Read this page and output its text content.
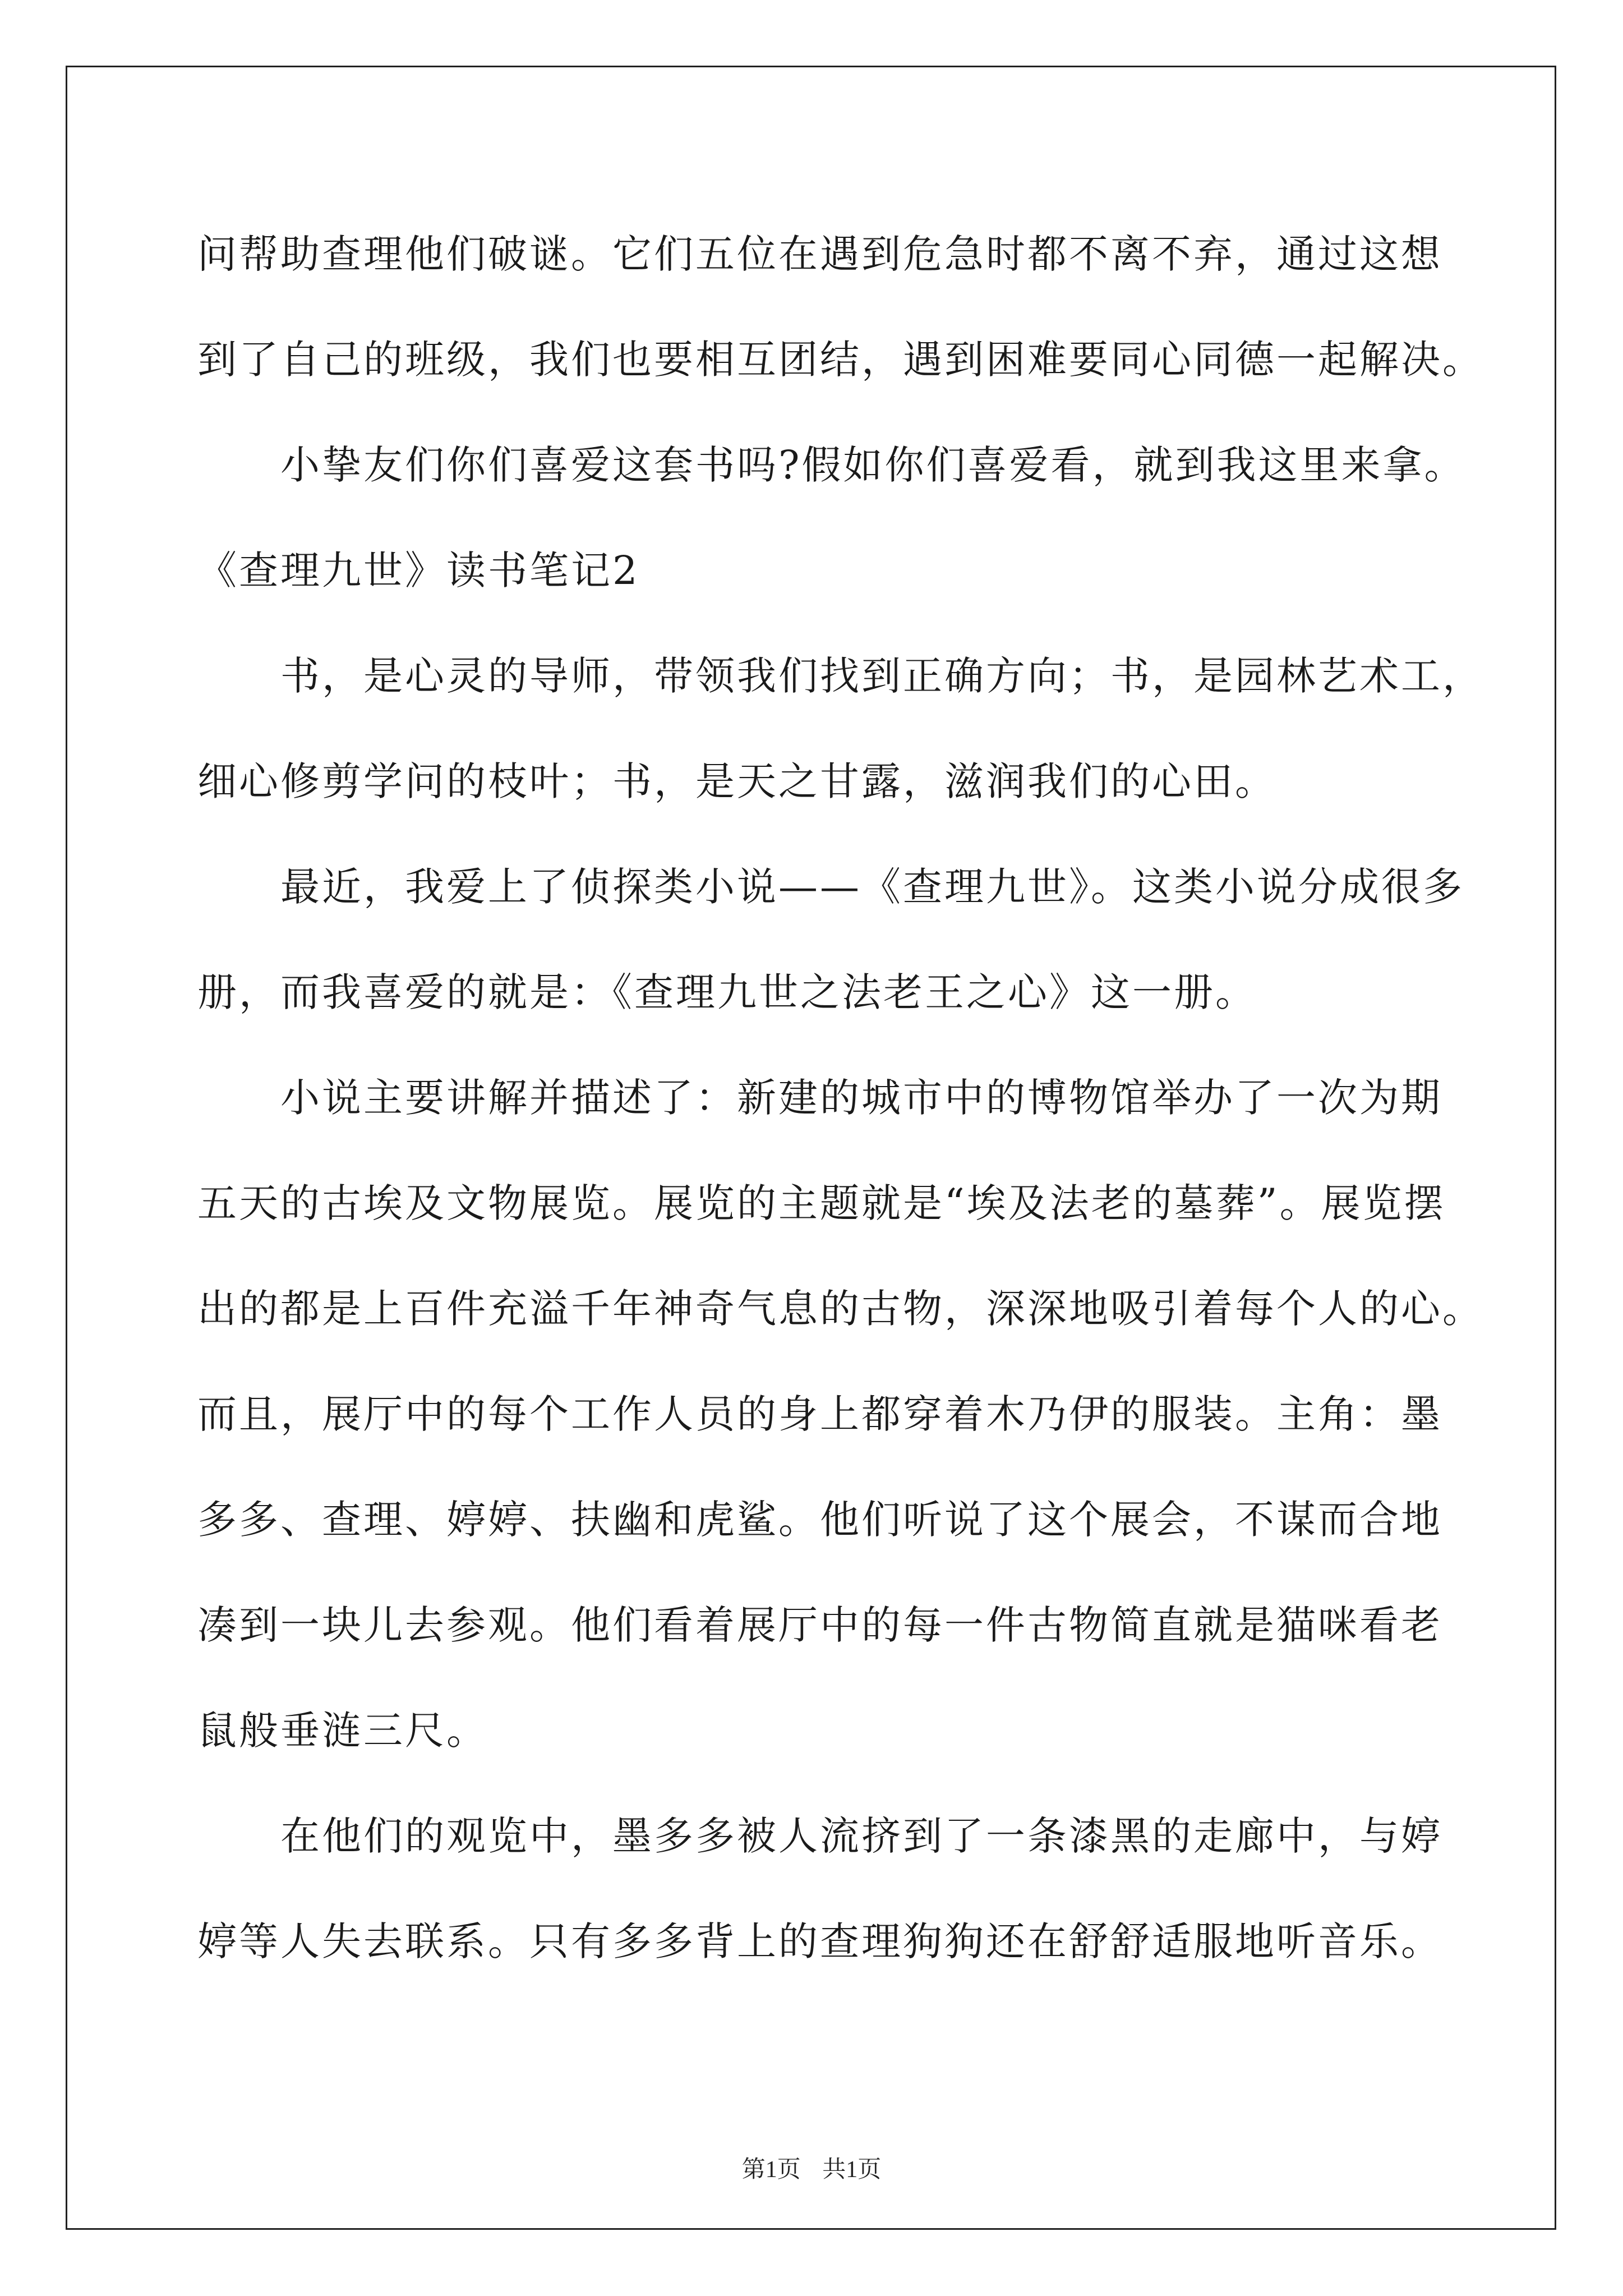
问帮助查理他们破谜。它们五位在遇到危急时都不离不弃，通过这想
到了自己的班级，我们也要相互团结，遇到困难要同心同德一起解决。
小挚友们你们喜爱这套书吗?假如你们喜爱看，就到我这里来拿。
《查理九世》读书笔记2
书，是心灵的导师，带领我们找到正确方向；书，是园林艺术工，
细心修剪学问的枝叶；书，是天之甘露，滋润我们的心田。
最近，我爱上了侦探类小说——《查理九世》。这类小说分成很多
册，而我喜爱的就是：《查理九世之法老王之心》这一册。
小说主要讲解并描述了：新建的城市中的博物馆举办了一次为期
五天的古埃及文物展览。展览的主题就是“埃及法老的墓葬”。展览摆
出的都是上百件充溢千年神奇气息的古物，深深地吸引着每个人的心。
而且，展厅中的每个工作人员的身上都穿着木乃伊的服装。主角：墨
多多、查理、婷婷、扶幽和虎鲨。他们听说了这个展会，不谋而合地
凑到一块儿去参观。他们看着展厅中的每一件古物简直就是猫咪看老
鼠般垂涟三尺。
在他们的观览中，墨多多被人流挤到了一条漆黑的走廊中，与婷
婷等人失去联系。只有多多背上的查理狗狗还在舒舒适服地听音乐。
第1页 共1页
